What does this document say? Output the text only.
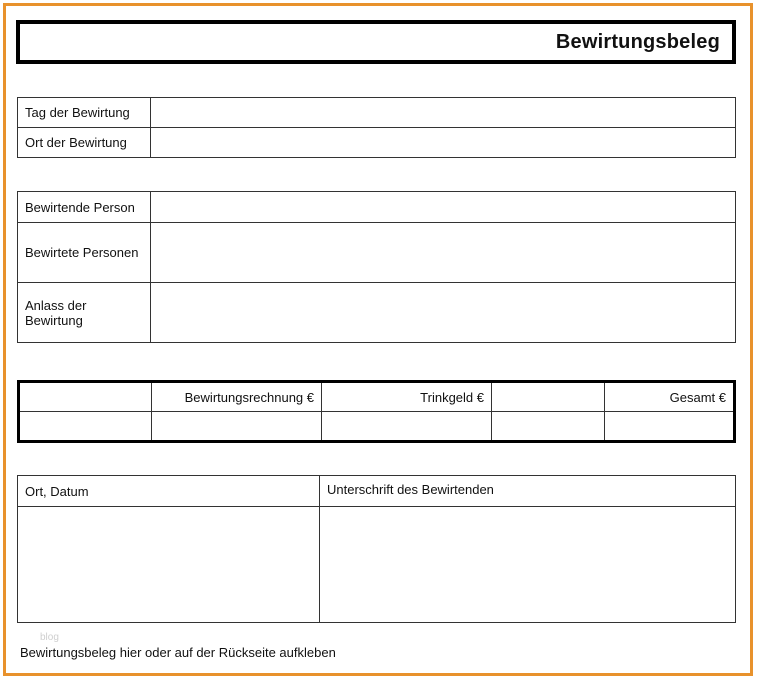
Bewirtungsbeleg
Tag der Bewirtung	
Ort der Bewirtung	
Bewirtende Person	
Bewirtete Personen	
Anlass der Bewirtung	
	Bewirtungsrechnung €	Trinkgeld €		Gesamt €

Ort, Datum	Unterschrift des Bewirtenden

blog
Bewirtungsbeleg hier oder auf der Rückseite aufkleben
